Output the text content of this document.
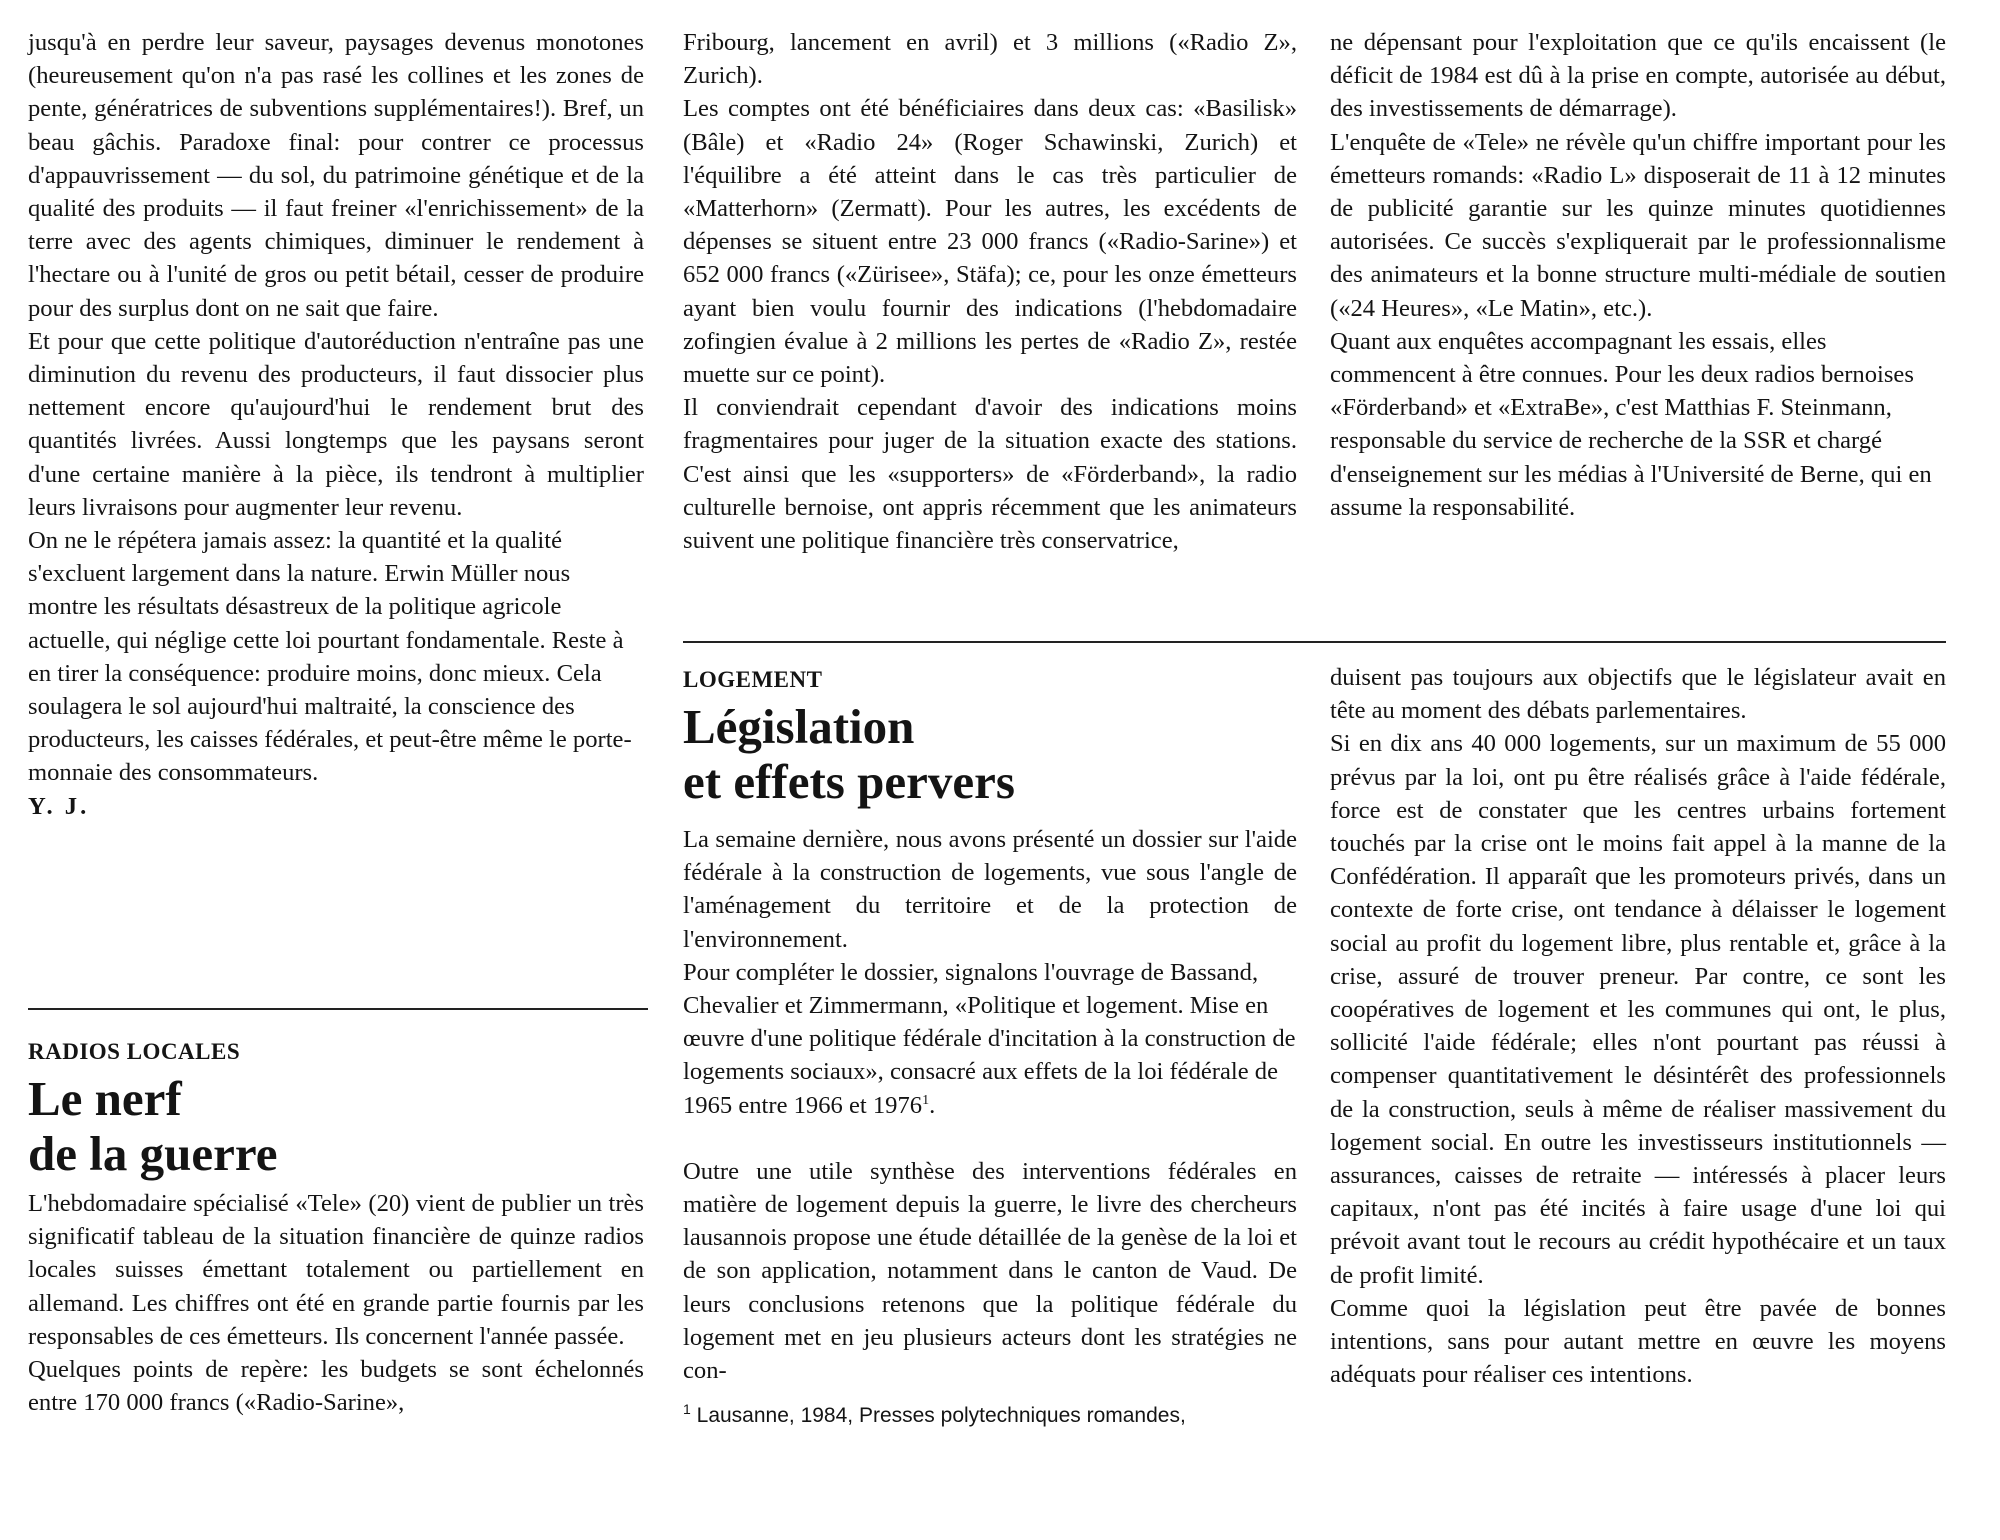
jusqu'à en perdre leur saveur, paysages devenus monotones (heureusement qu'on n'a pas rasé les collines et les zones de pente, génératrices de subventions supplémentaires!). Bref, un beau gâchis. Paradoxe final: pour contrer ce processus d'appauvrissement — du sol, du patrimoine génétique et de la qualité des produits — il faut freiner «l'enrichissement» de la terre avec des agents chimiques, diminuer le rendement à l'hectare ou à l'unité de gros ou petit bétail, cesser de produire pour des surplus dont on ne sait que faire.

Et pour que cette politique d'autoréduction n'entraîne pas une diminution du revenu des producteurs, il faut dissocier plus nettement encore qu'aujourd'hui le rendement brut des quantités livrées. Aussi longtemps que les paysans seront d'une certaine manière à la pièce, ils tendront à multiplier leurs livraisons pour augmenter leur revenu.

On ne le répétera jamais assez: la quantité et la qualité s'excluent largement dans la nature. Erwin Müller nous montre les résultats désastreux de la politique agricole actuelle, qui néglige cette loi pourtant fondamentale. Reste à en tirer la conséquence: produire moins, donc mieux. Cela soulagera le sol aujourd'hui maltraité, la conscience des producteurs, les caisses fédérales, et peut-être même le porte-monnaie des consommateurs.

Y. J.

RADIOS LOCALES

Le nerf
de la guerre

L'hebdomadaire spécialisé «Tele» (20) vient de publier un très significatif tableau de la situation financière de quinze radios locales suisses émettant totalement ou partiellement en allemand. Les chiffres ont été en grande partie fournis par les responsables de ces émetteurs. Ils concernent l'année passée.

Quelques points de repère: les budgets se sont échelonnés entre 170 000 francs («Radio-Sarine»,

Fribourg, lancement en avril) et 3 millions («Radio Z», Zurich).

Les comptes ont été bénéficiaires dans deux cas: «Basilisk» (Bâle) et «Radio 24» (Roger Schawinski, Zurich) et l'équilibre a été atteint dans le cas très particulier de «Matterhorn» (Zermatt). Pour les autres, les excédents de dépenses se situent entre 23 000 francs («Radio-Sarine») et 652 000 francs («Zürisee», Stäfa); ce, pour les onze émetteurs ayant bien voulu fournir des indications (l'hebdomadaire zofingien évalue à 2 millions les pertes de «Radio Z», restée muette sur ce point).

Il conviendrait cependant d'avoir des indications moins fragmentaires pour juger de la situation exacte des stations. C'est ainsi que les «supporters» de «Förderband», la radio culturelle bernoise, ont appris récemment que les animateurs suivent une politique financière très conservatrice,

ne dépensant pour l'exploitation que ce qu'ils encaissent (le déficit de 1984 est dû à la prise en compte, autorisée au début, des investissements de démarrage).

L'enquête de «Tele» ne révèle qu'un chiffre important pour les émetteurs romands: «Radio L» disposerait de 11 à 12 minutes de publicité garantie sur les quinze minutes quotidiennes autorisées. Ce succès s'expliquerait par le professionnalisme des animateurs et la bonne structure multi-médiale de soutien («24 Heures», «Le Matin», etc.).

Quant aux enquêtes accompagnant les essais, elles commencent à être connues. Pour les deux radios bernoises «Förderband» et «ExtraBe», c'est Matthias F. Steinmann, responsable du service de recherche de la SSR et chargé d'enseignement sur les médias à l'Université de Berne, qui en assume la responsabilité.

LOGEMENT

Législation
et effets pervers

La semaine dernière, nous avons présenté un dossier sur l'aide fédérale à la construction de logements, vue sous l'angle de l'aménagement du territoire et de la protection de l'environnement.

Pour compléter le dossier, signalons l'ouvrage de Bassand, Chevalier et Zimmermann, «Politique et logement. Mise en œuvre d'une politique fédérale d'incitation à la construction de logements sociaux», consacré aux effets de la loi fédérale de 1965 entre 1966 et 1976$^1$.

Outre une utile synthèse des interventions fédérales en matière de logement depuis la guerre, le livre des chercheurs lausannois propose une étude détaillée de la genèse de la loi et de son application, notamment dans le canton de Vaud. De leurs conclusions retenons que la politique fédérale du logement met en jeu plusieurs acteurs dont les stratégies ne con-

$^1$ Lausanne, 1984, Presses polytechniques romandes,

duisent pas toujours aux objectifs que le législateur avait en tête au moment des débats parlementaires.

Si en dix ans 40 000 logements, sur un maximum de 55 000 prévus par la loi, ont pu être réalisés grâce à l'aide fédérale, force est de constater que les centres urbains fortement touchés par la crise ont le moins fait appel à la manne de la Confédération. Il apparaît que les promoteurs privés, dans un contexte de forte crise, ont tendance à délaisser le logement social au profit du logement libre, plus rentable et, grâce à la crise, assuré de trouver preneur. Par contre, ce sont les coopératives de logement et les communes qui ont, le plus, sollicité l'aide fédérale; elles n'ont pourtant pas réussi à compenser quantitativement le désintérêt des professionnels de la construction, seuls à même de réaliser massivement du logement social. En outre les investisseurs institutionnels — assurances, caisses de retraite — intéressés à placer leurs capitaux, n'ont pas été incités à faire usage d'une loi qui prévoit avant tout le recours au crédit hypothécaire et un taux de profit limité.

Comme quoi la législation peut être pavée de bonnes intentions, sans pour autant mettre en œuvre les moyens adéquats pour réaliser ces intentions.
